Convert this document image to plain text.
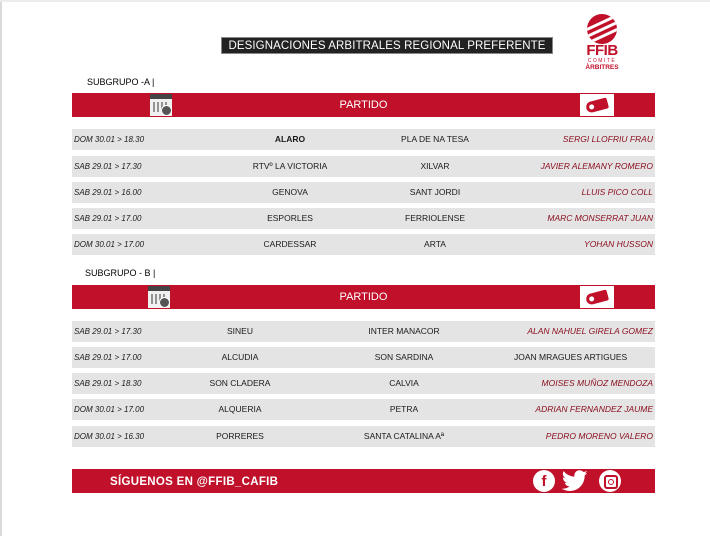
DESIGNACIONES ARBITRALES REGIONAL PREFERENTE	FFIB
COMITÈ
ÀRBITRES
SUBGRUPO -A |
PARTIDO
DOM 30.01 > 18.30	ALARO	PLA DE NA TESA	SERGI LLOFRIU FRAU
SAB 29.01 > 17.30	RTVº LA VICTORIA	XILVAR	JAVIER ALEMANY ROMERO
SAB 29.01 > 16.00	GENOVA	SANT JORDI	LLUIS PICO COLL
SAB 29.01 > 17.00	ESPORLES	FERRIOLENSE	MARC MONSERRAT JUAN
DOM 30.01 > 17.00	CARDESSAR	ARTA	YOHAN HUSSON
SUBGRUPO - B |
PARTIDO
SAB 29.01 > 17.30	SINEU	INTER MANACOR	ALAN NAHUEL GIRELA GOMEZ
SAB 29.01 > 17.00	ALCUDIA	SON SARDINA	JOAN MRAGUES ARTIGUES
SAB 29.01 > 18.30	SON CLADERA	CALVIA	MOISES MUÑOZ MENDOZA
DOM 30.01 > 17.00	ALQUERIA	PETRA	ADRIAN FERNANDEZ JAUME
DOM 30.01 > 16.30	PORRERES	SANTA CATALINA Aª	PEDRO MORENO VALERO
SÍGUENOS EN @FFIB_CAFIB	f
